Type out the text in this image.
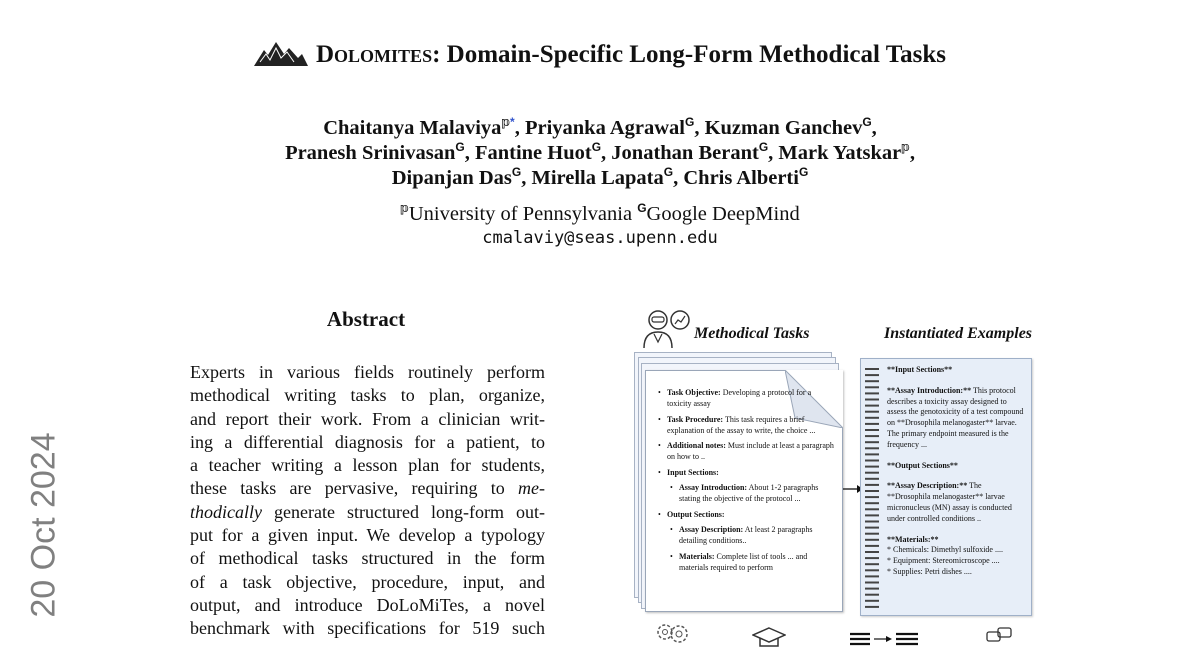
Dolomites: Domain-Specific Long-Form Methodical Tasks
Chaitanya Malaviya$^{𝕡*}$, Priyanka Agrawal$^G$, Kuzman Ganchev$^G$,
Pranesh Srinivasan$^G$, Fantine Huot$^G$, Jonathan Berant$^G$, Mark Yatskar$^𝕡$,
Dipanjan Das$^G$, Mirella Lapata$^G$, Chris Alberti$^G$
$^𝕡$University of Pennsylvania $^G$Google DeepMind
cmalaviy@seas.upenn.edu
20 Oct 2024
Abstract
Experts in various fields routinely perform
methodical writing tasks to plan, organize,
and report their work. From a clinician writ-
ing a differential diagnosis for a patient, to
a teacher writing a lesson plan for students,
these tasks are pervasive, requiring to me-
thodically generate structured long-form out-
put for a given input. We develop a typology
of methodical tasks structured in the form
of a task objective, procedure, input, and
output, and introduce DoLoMiTes, a novel
benchmark with specifications for 519 such
Methodical Tasks	Instantiated Examples
• Task Objective: Developing a protocol for a toxicity assay
• Task Procedure: This task requires a brief explanation of the assay to write, the choice ...
• Additional notes: Must include at least a paragraph on how to ..
• Input Sections:
• Assay Introduction: About 1-2 paragraphs stating the objective of the protocol ...
• Output Sections:
• Assay Description: At least 2 paragraphs detailing conditions..
• Materials: Complete list of tools ... and materials required to perform
**Input Sections**
**Assay Introduction:** This protocol describes a toxicity assay designed to assess the genotoxicity of a test compound on **Drosophila melanogaster** larvae. The primary endpoint measured is the frequency ...
**Output Sections**
**Assay Description:** The **Drosophila melanogaster** larvae micronucleus (MN) assay is conducted under controlled conditions ..
**Materials:**
* Chemicals: Dimethyl sulfoxide ....
* Equipment: Stereomicroscope ....
* Supplies: Petri dishes ....
